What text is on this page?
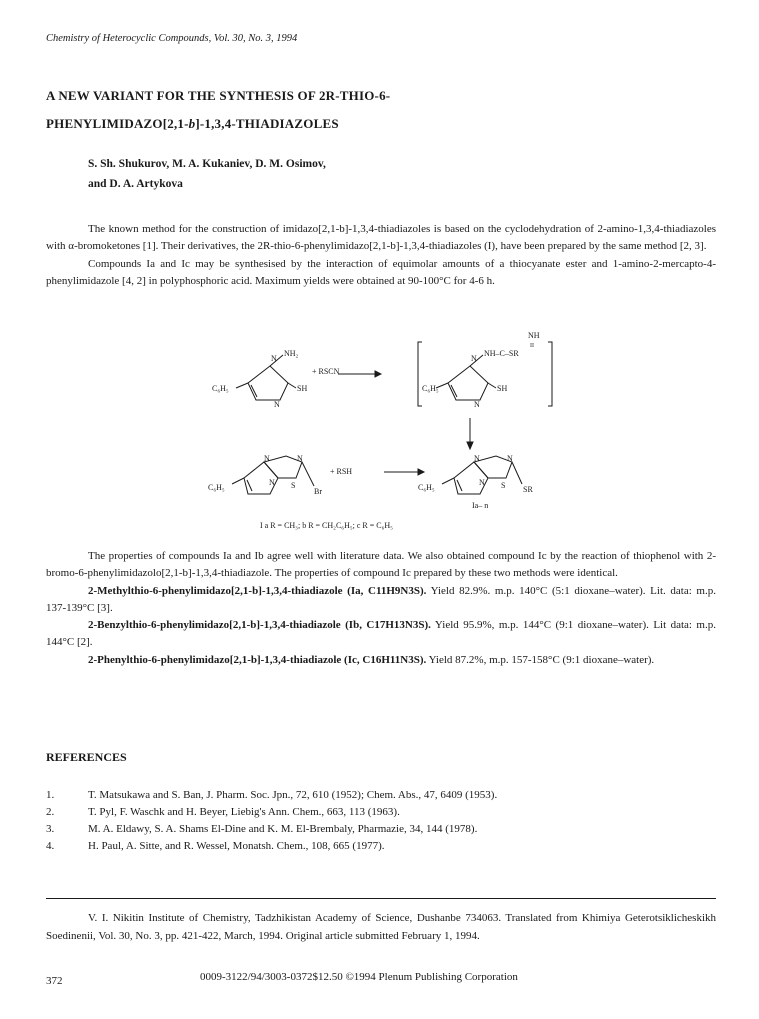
Chemistry of Heterocyclic Compounds, Vol. 30, No. 3, 1994
A NEW VARIANT FOR THE SYNTHESIS OF 2R-THIO-6-
PHENYLIMIDAZO[2,1-b]-1,3,4-THIADIAZOLES
S. Sh. Shukurov, M. A. Kukaniev, D. M. Osimov,
and D. A. Artykova

The known method for the construction of imidazo[2,1-b]-1,3,4-thiadiazoles is based on the cyclodehydration of 2-amino-1,3,4-thiadiazoles with α-bromoketones [1]. Their derivatives, the 2R-thio-6-phenylimidazo[2,1-b]-1,3,4-thiadiazoles (I), have been prepared by the same method [2, 3].

Compounds Ia and Ic may be synthesised by the interaction of equimolar amounts of a thiocyanate ester and 1-amino-2-mercapto-4-phenylimidazole [4, 2] in polyphosphoric acid. Maximum yields were obtained at 90-100°C for 4-6 h.

N
NH₂
SH
N
C₆H₅
+ RSCN
NH
II
N
NH–C–SR
SH
N
C₆H₅
N	N
N S
Br
C₆H₅
+ RSH
N	N
N S SR
C₆H₅
Ia– n
I a R = CH₃; b R = CH₂C₆H₅; c R = C₆H₅

The properties of compounds Ia and Ib agree well with literature data. We also obtained compound Ic by the reaction of thiophenol with 2-bromo-6-phenylimidazolo[2,1-b]-1,3,4-thiadiazole. The properties of compound Ic prepared by these two methods were identical.

2-Methylthio-6-phenylimidazo[2,1-b]-1,3,4-thiadiazole (Ia, C11H9N3S). Yield 82.9%. m.p. 140°C (5:1 dioxane–water). Lit. data: m.p. 137-139°C [3].

2-Benzylthio-6-phenylimidazo[2,1-b]-1,3,4-thiadiazole (Ib, C17H13N3S). Yield 95.9%, m.p. 144°C (9:1 dioxane–water). Lit data: m.p. 144°C [2].

2-Phenylthio-6-phenylimidazo[2,1-b]-1,3,4-thiadiazole (Ic, C16H11N3S). Yield 87.2%, m.p. 157-158°C (9:1 dioxane–water).

REFERENCES
1.	T. Matsukawa and S. Ban, J. Pharm. Soc. Jpn., 72, 610 (1952); Chem. Abs., 47, 6409 (1953).
2.	T. Pyl, F. Waschk and H. Beyer, Liebig's Ann. Chem., 663, 113 (1963).
3.	M. A. Eldawy, S. A. Shams El-Dine and K. M. El-Brembaly, Pharmazie, 34, 144 (1978).
4.	H. Paul, A. Sitte, and R. Wessel, Monatsh. Chem., 108, 665 (1977).

V. I. Nikitin Institute of Chemistry, Tadzhikistan Academy of Science, Dushanbe 734063. Translated from Khimiya Geterotsiklicheskikh Soedinenii, Vol. 30, No. 3, pp. 421-422, March, 1994. Original article submitted February 1, 1994.

372	0009-3122/94/3003-0372$12.50 ©1994 Plenum Publishing Corporation
